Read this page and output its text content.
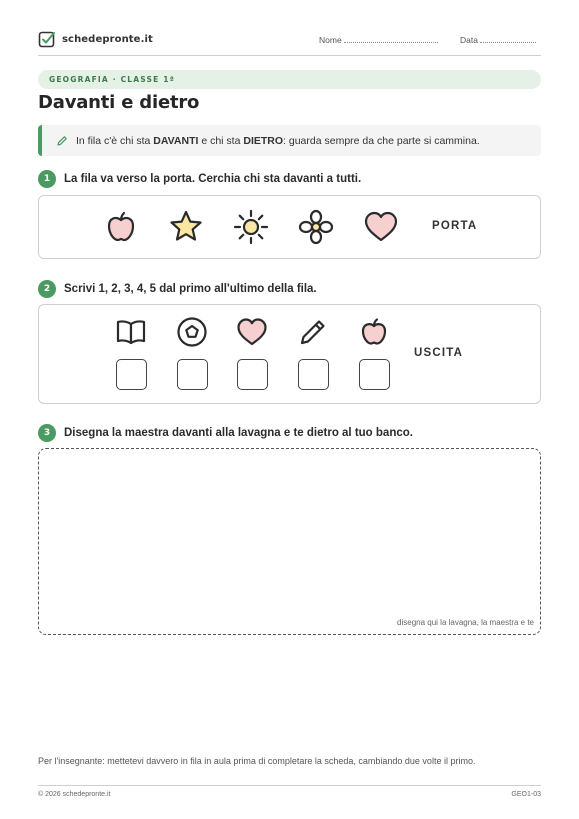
schedepronte.it	Nome	Data
GEOGRAFIA · CLASSE 1ª
Davanti e dietro
In fila c'è chi sta DAVANTI e chi sta DIETRO: guarda sempre da che parte si cammina.
1	La fila va verso la porta. Cerchia chi sta davanti a tutti.
PORTA
2	Scrivi 1, 2, 3, 4, 5 dal primo all'ultimo della fila.
USCITA
3	Disegna la maestra davanti alla lavagna e te dietro al tuo banco.
disegna qui la lavagna, la maestra e te
Per l'insegnante: mettetevi davvero in fila in aula prima di completare la scheda, cambiando due volte il primo.
© 2026 schedepronte.it	GEO1-03
